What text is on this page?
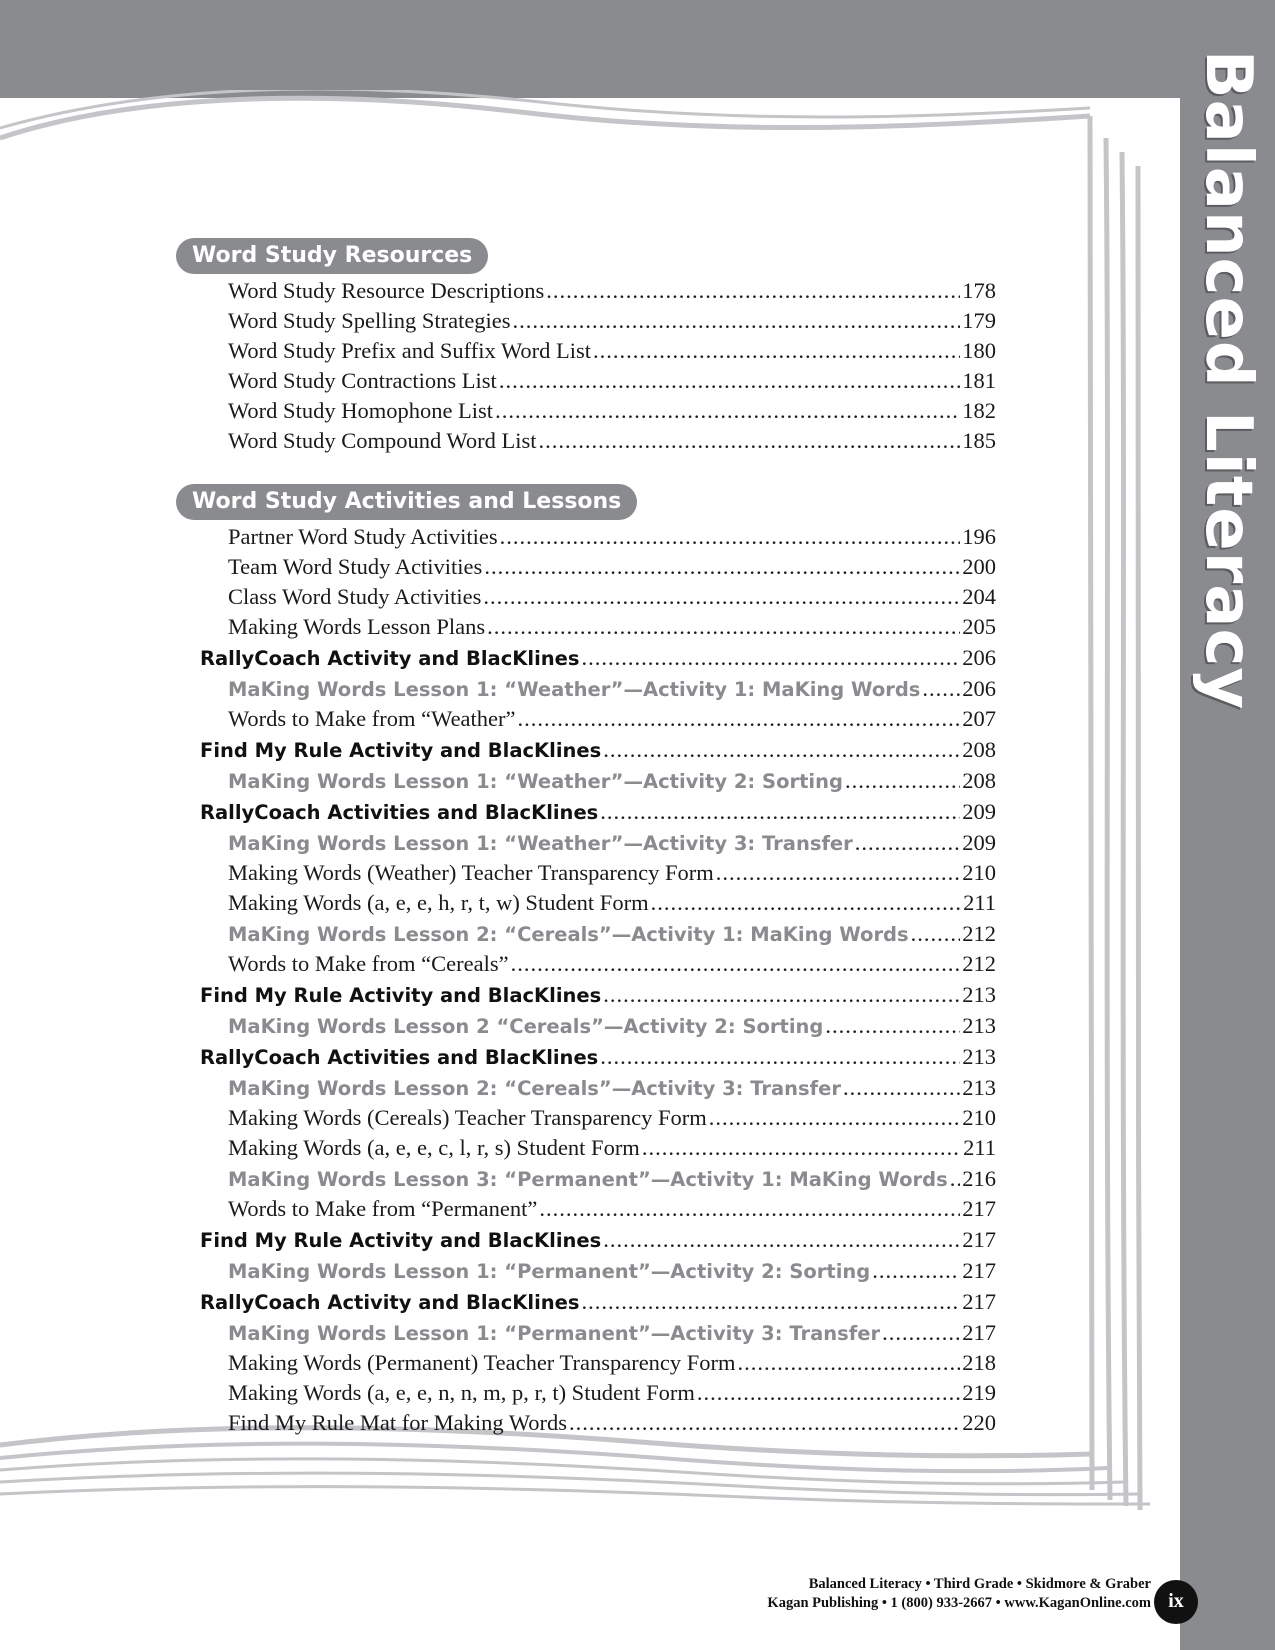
Balanced Literacy
Word Study Resources
Word Study Resource Descriptions .....	178
Word Study Spelling Strategies .....	179
Word Study Prefix and Suffix Word List .....	180
Word Study Contractions List .....	181
Word Study Homophone List .....	182
Word Study Compound Word List .....	185
Word Study Activities and Lessons
Partner Word Study Activities .....	196
Team Word Study Activities .....	200
Class Word Study Activities .....	204
Making Words Lesson Plans .....	205
RallyCoach Activity and BlacKlines .....	206
MaKing Words Lesson 1: “Weather”—Activity 1: MaKing Words ..... 206
Words to Make from “Weather” .....	207
Find My Rule Activity and BlacKlines .....	208
MaKing Words Lesson 1: “Weather”—Activity 2: Sorting .....	208
RallyCoach Activities and BlacKlines .....	209
MaKing Words Lesson 1: “Weather”—Activity 3: Transfer .....	209
Making Words (Weather) Teacher Transparency Form .....	210
Making Words (a, e, e, h, r, t, w) Student Form .....	211
MaKing Words Lesson 2: “Cereals”—Activity 1: MaKing Words ..... 212
Words to Make from “Cereals” .....	212
Find My Rule Activity and BlacKlines .....	213
MaKing Words Lesson 2 “Cereals”—Activity 2: Sorting .....	213
RallyCoach Activities and BlacKlines .....	213
MaKing Words Lesson 2: “Cereals”—Activity 3: Transfer .....	213
Making Words (Cereals) Teacher Transparency Form .....	210
Making Words (a, e, e, c, l, r, s) Student Form .....	211
MaKing Words Lesson 3: “Permanent”—Activity 1: MaKing Words ..... 216
Words to Make from “Permanent” .....	217
Find My Rule Activity and BlacKlines .....	217
MaKing Words Lesson 1: “Permanent”—Activity 2: Sorting .....	217
RallyCoach Activity and BlacKlines .....	217
MaKing Words Lesson 1: “Permanent”—Activity 3: Transfer .....	217
Making Words (Permanent) Teacher Transparency Form .....	218
Making Words (a, e, e, n, n, m, p, r, t) Student Form .....	219
Find My Rule Mat for Making Words .....	220
Balanced Literacy • Third Grade • Skidmore & Graber
Kagan Publishing • 1 (800) 933-2667 • www.KaganOnline.com ix
